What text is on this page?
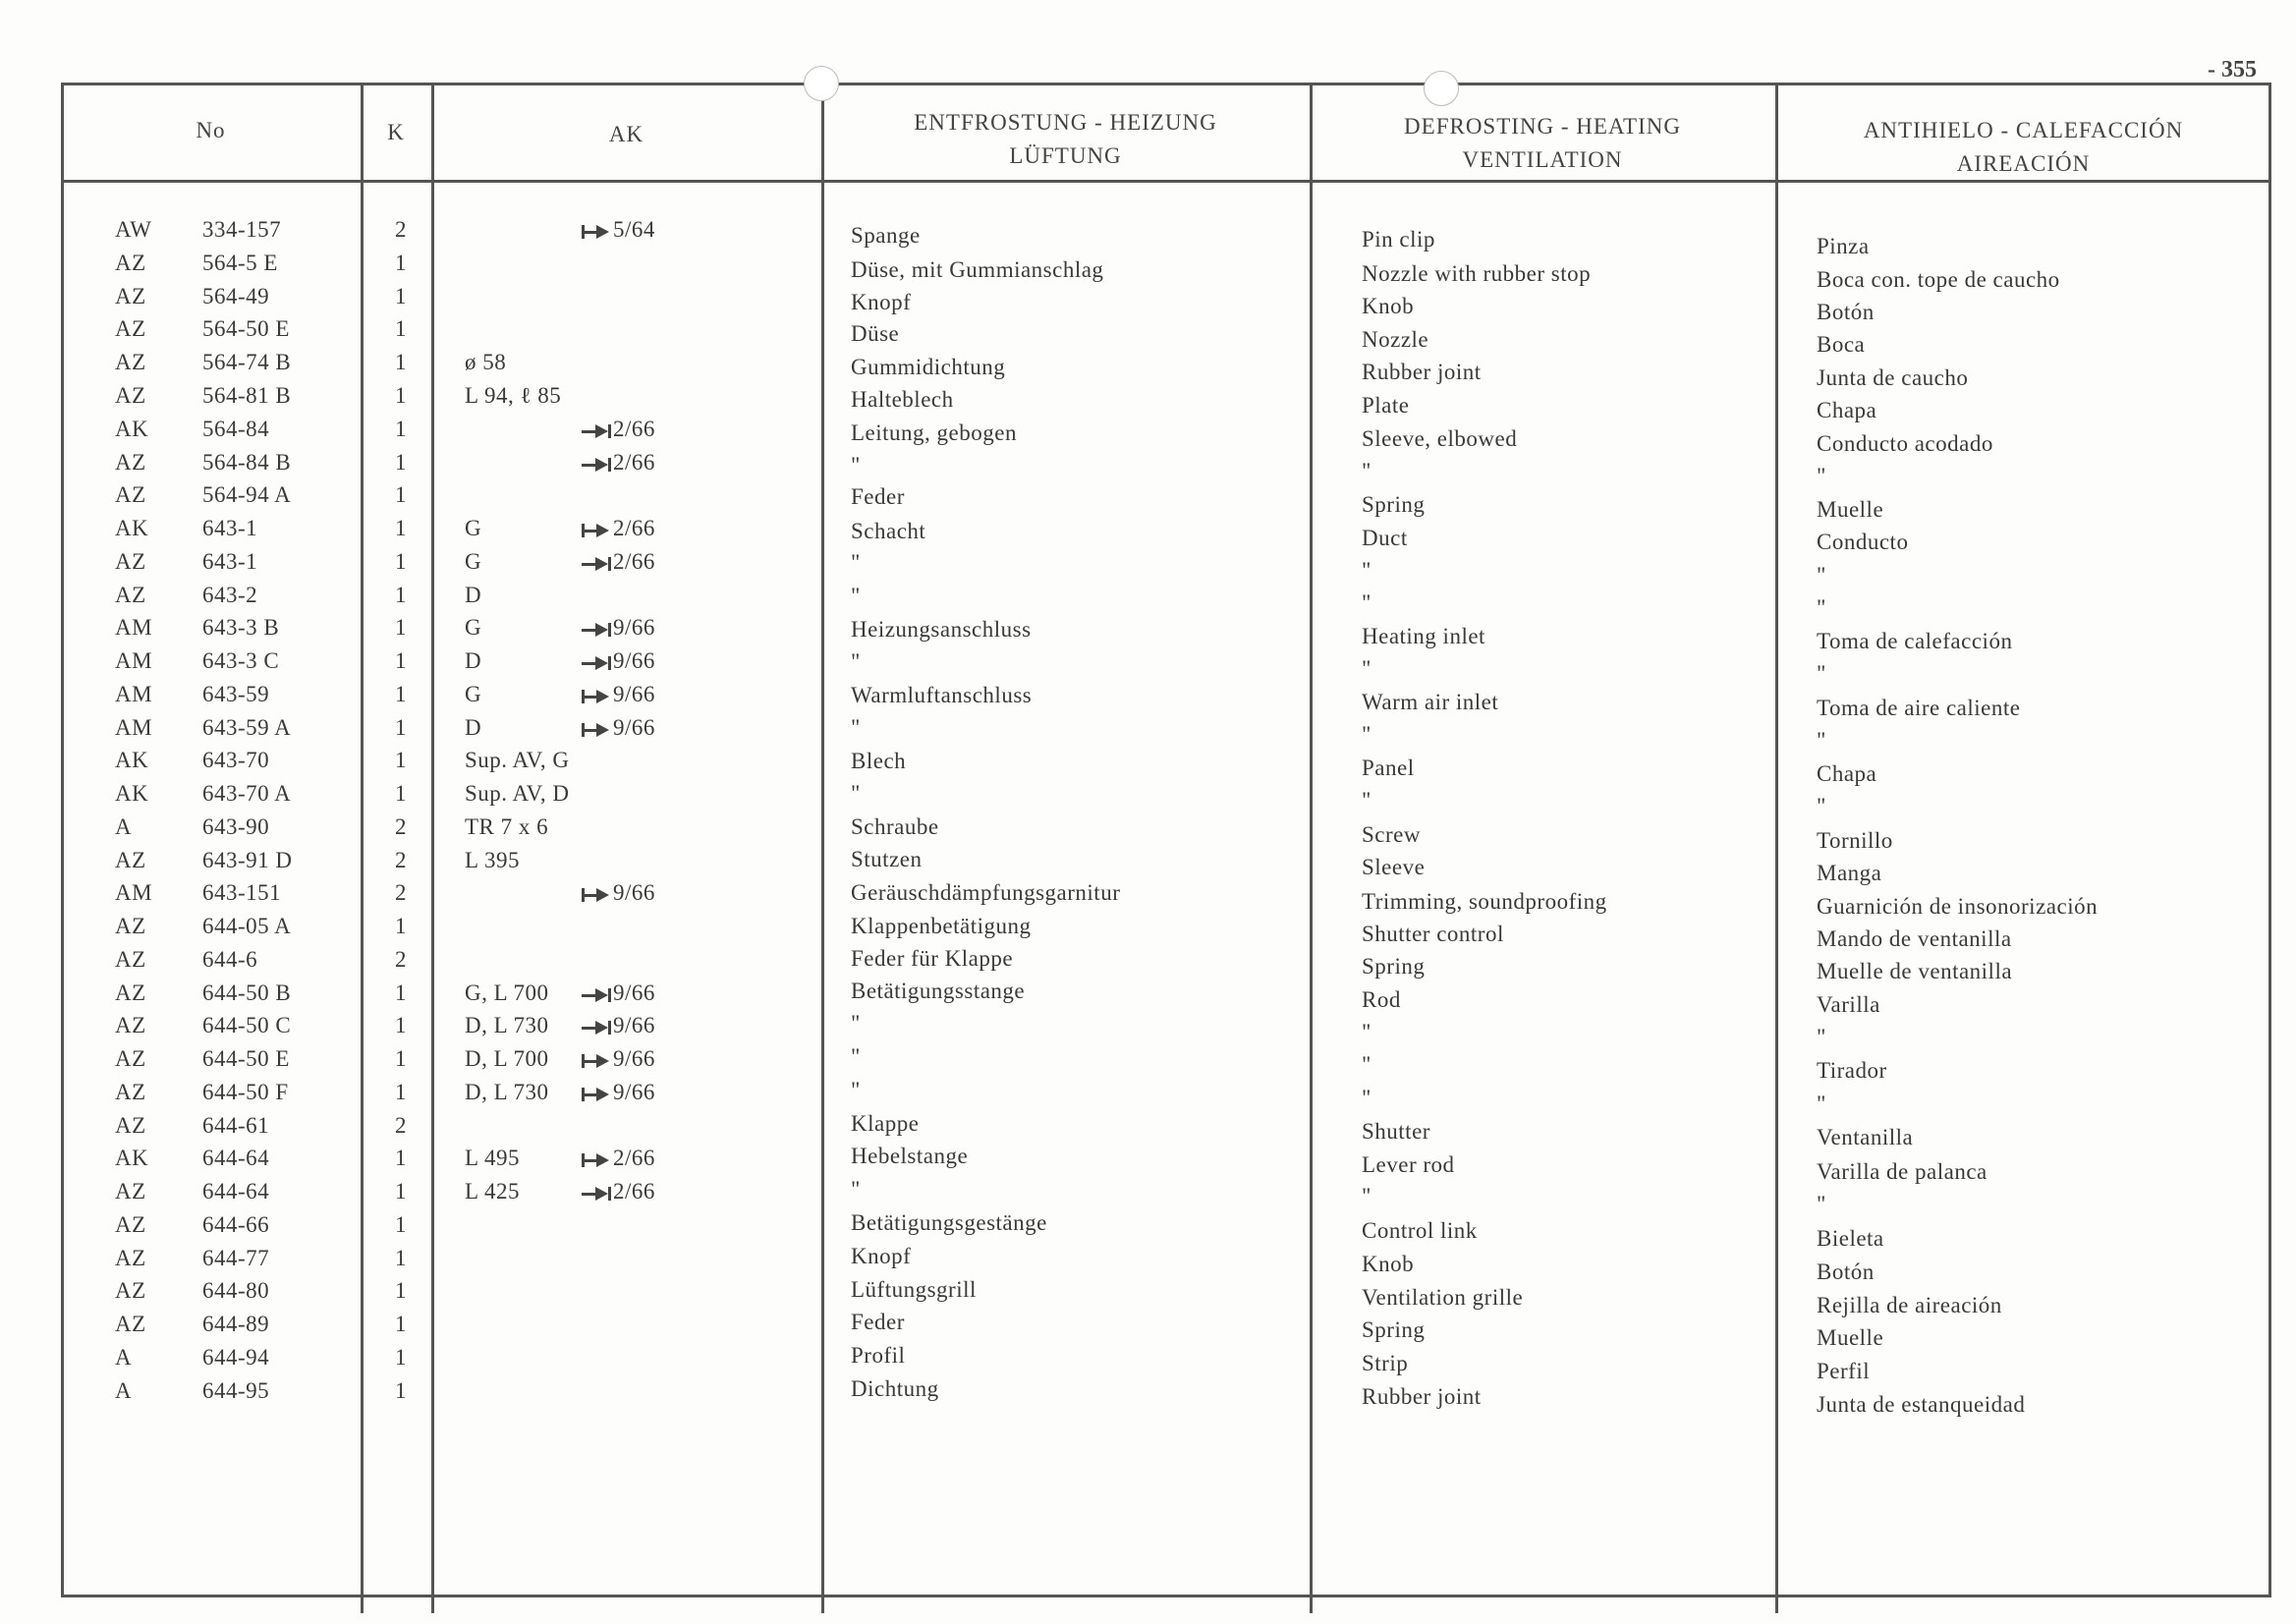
- 355
No	K	AK	ENTFROSTUNG - HEIZUNG
LÜFTUNG
DEFROSTING - HEATING
VENTILATION
ANTIHIELO - CALEFACCIÓN
AIREACIÓN
AW	334-157	2	5/64	Spange	Pin clip	Pinza
AZ	564-5 E	1	Düse, mit Gummianschlag	Nozzle with rubber stop	Boca con. tope de caucho
AZ	564-49	1	Knopf	Knob	Botón
AZ	564-50 E	1	Düse	Nozzle	Boca
AZ	564-74 B	1	ø 58	Gummidichtung	Rubber joint	Junta de caucho
AZ	564-81 B	1	L 94, ℓ 85	Halteblech	Plate	Chapa
AK	564-84	1	2/66	Leitung, gebogen	Sleeve, elbowed	Conducto acodado
AZ	564-84 B	1	2/66	"	"	"
AZ	564-94 A	1	Feder	Spring	Muelle
AK	643-1	1	G	2/66	Schacht	Duct	Conducto
AZ	643-1	1	G	2/66	"	"	"
AZ	643-2	1	D	"	"	"
AM	643-3 B	1	G	9/66	Heizungsanschluss	Heating inlet	Toma de calefacción
AM	643-3 C	1	D	9/66	"	"	"
AM	643-59	1	G	9/66	Warmluftanschluss	Warm air inlet	Toma de aire caliente
AM	643-59 A	1	D	9/66	"	"	"
AK	643-70	1	Sup. AV, G	Blech	Panel	Chapa
AK	643-70 A	1	Sup. AV, D	"	"	"
A	643-90	2	TR 7 x 6	Schraube	Screw	Tornillo
AZ	643-91 D	2	L 395	Stutzen	Sleeve	Manga
AM	643-151	2	9/66	Geräuschdämpfungsgarnitur	Trimming, soundproofing	Guarnición de insonorización
AZ	644-05 A	1	Klappenbetätigung	Shutter control	Mando de ventanilla
AZ	644-6	2	Feder für Klappe	Spring	Muelle de ventanilla
AZ	644-50 B	1	G, L 700	9/66	Betätigungsstange	Rod	Varilla
AZ	644-50 C	1	D, L 730	9/66	"	"	"
AZ	644-50 E	1	D, L 700	9/66	"	"	Tirador
AZ	644-50 F	1	D, L 730	9/66	"	"	"
AZ	644-61	2	Klappe	Shutter	Ventanilla
AK	644-64	1	L 495	2/66	Hebelstange	Lever rod	Varilla de palanca
AZ	644-64	1	L 425	2/66	"	"	"
AZ	644-66	1	Betätigungsgestänge	Control link	Bieleta
AZ	644-77	1	Knopf	Knob	Botón
AZ	644-80	1	Lüftungsgrill	Ventilation grille	Rejilla de aireación
AZ	644-89	1	Feder	Spring	Muelle
A	644-94	1	Profil	Strip	Perfil
A	644-95	1	Dichtung	Rubber joint	Junta de estanqueidad
